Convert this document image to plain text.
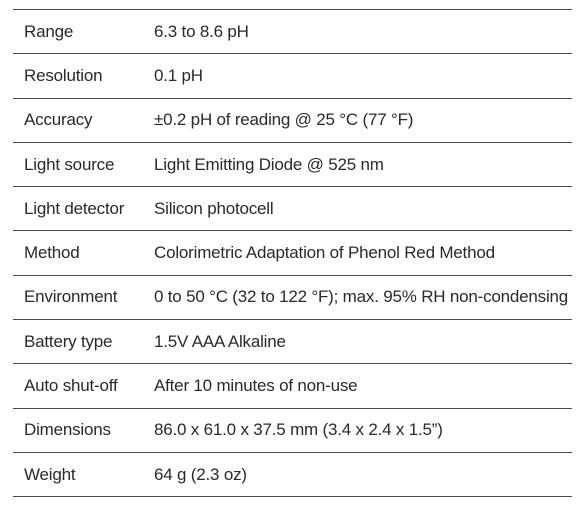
Range	6.3 to 8.6 pH
Resolution	0.1 pH
Accuracy	±0.2 pH of reading @ 25 °C (77 °F)
Light source	Light Emitting Diode @ 525 nm
Light detector	Silicon photocell
Method	Colorimetric Adaptation of Phenol Red Method
Environment	0 to 50 °C (32 to 122 °F); max. 95% RH non-condensing
Battery type	1.5V AAA Alkaline
Auto shut-off	After 10 minutes of non-use
Dimensions	86.0 x 61.0 x 37.5 mm (3.4 x 2.4 x 1.5”)
Weight	64 g (2.3 oz)
